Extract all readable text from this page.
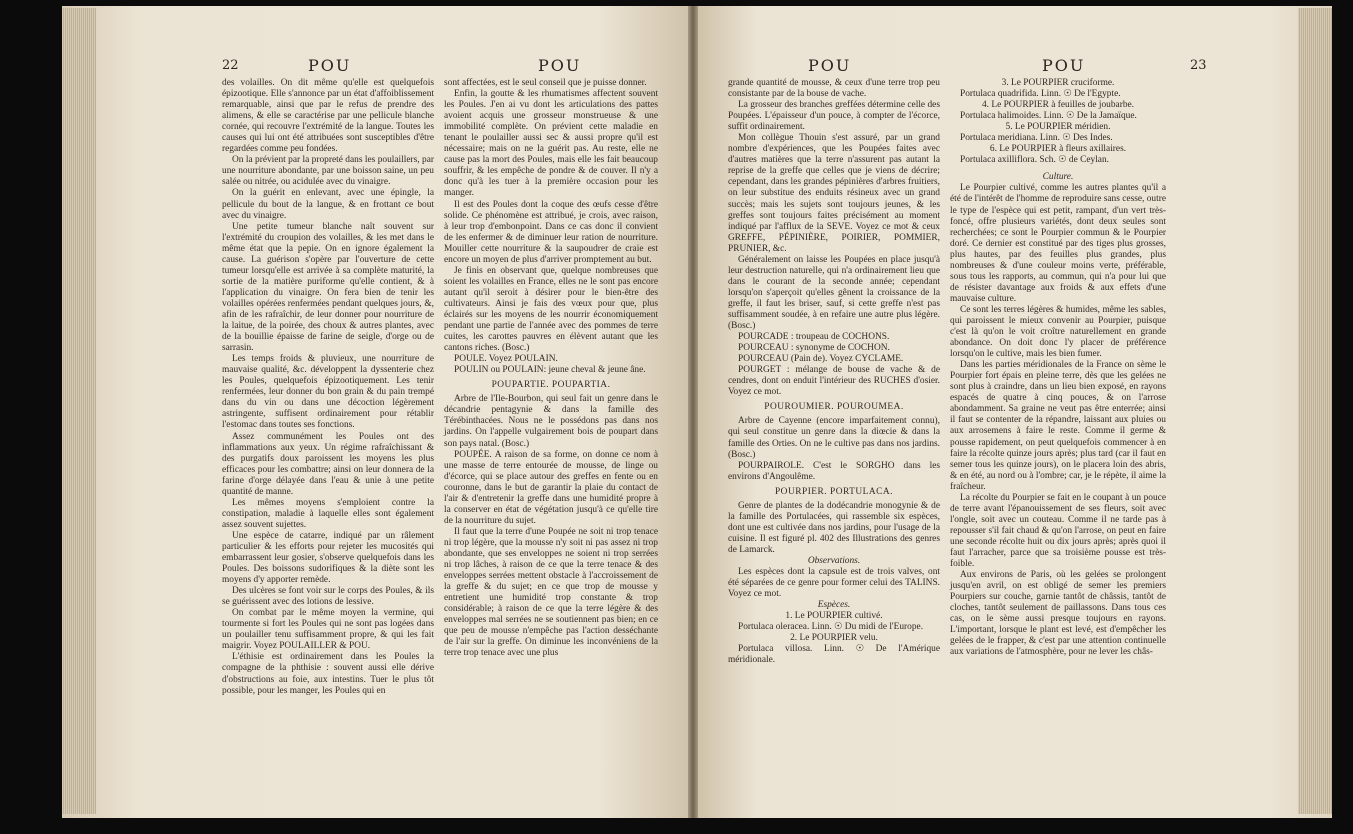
22	POU	POU	POU	POU	23

des volailles. On dit même qu'elle est quelquefois épizootique. Elle s'annonce par un état d'affoiblissement remarquable, ainsi que par le refus de prendre des alimens, & elle se caractérise par une pellicule blanche cornée, qui recouvre l'extrémité de la langue. Toutes les causes qui lui ont été attribuées sont susceptibles d'être regardées comme peu fondées.

On la prévient par la propreté dans les poulaillers, par une nourriture abondante, par une boisson saine, un peu salée ou nitrée, ou acidulée avec du vinaigre.

On la guérit en enlevant, avec une épingle, la pellicule du bout de la langue, & en frottant ce bout avec du vinaigre.

Une petite tumeur blanche naît souvent sur l'extrémité du croupion des volailles, & les met dans le même état que la pepie. On en ignore également la cause. La guérison s'opère par l'ouverture de cette tumeur lorsqu'elle est arrivée à sa complète maturité, la sortie de la matière puriforme qu'elle contient, & à l'application du vinaigre. On fera bien de tenir les volailles opérées renfermées pendant quelques jours, &, afin de les rafraîchir, de leur donner pour nourriture de la laitue, de la poirée, des choux & autres plantes, avec de la bouillie épaisse de farine de seigle, d'orge ou de sarrasin.

Les temps froids & pluvieux, une nourriture de mauvaise qualité, &c. développent la dyssenterie chez les Poules, quelquefois épizootiquement. Les tenir renfermées, leur donner du bon grain & du pain trempé dans du vin ou dans une décoction légèrement astringente, suffisent ordinairement pour rétablir l'estomac dans toutes ses fonctions.

Assez communément les Poules ont des inflammations aux yeux. Un régime rafraîchissant & des purgatifs doux paroissent les moyens les plus efficaces pour les combattre; ainsi on leur donnera de la farine d'orge délayée dans l'eau & unie à une petite quantité de manne.

Les mêmes moyens s'emploient contre la constipation, maladie à laquelle elles sont également assez souvent sujettes.

Une espèce de catarre, indiqué par un râlement particulier & les efforts pour rejeter les mucosités qui embarrassent leur gosier, s'observe quelquefois dans les Poules. Des boissons sudorifiques & la diète sont les moyens d'y apporter remède.

Des ulcères se font voir sur le corps des Poules, & ils se guérissent avec des lotions de lessive.

On combat par le même moyen la vermine, qui tourmente si fort les Poules qui ne sont pas logées dans un poulailler tenu suffisamment propre, & qui les fait maigrir. Voyez POULAILLER & POU.

L'éthisie est ordinairement dans les Poules la compagne de la phthisie : souvent aussi elle dérive d'obstructions au foie, aux intestins. Tuer le plus tôt possible, pour les manger, les Poules qui en

sont affectées, est le seul conseil que je puisse donner.

Enfin, la goutte & les rhumatismes affectent souvent les Poules. J'en ai vu dont les articulations des pattes avoient acquis une grosseur monstrueuse & une immobilité complète. On prévient cette maladie en tenant le poulailler aussi sec & aussi propre qu'il est nécessaire; mais on ne la guérit pas. Au reste, elle ne cause pas la mort des Poules, mais elle les fait beaucoup souffrir, & les empêche de pondre & de couver. Il n'y a donc qu'à les tuer à la première occasion pour les manger.

Il est des Poules dont la coque des œufs cesse d'être solide. Ce phénomène est attribué, je crois, avec raison, à leur trop d'embonpoint. Dans ce cas donc il convient de les enfermer & de diminuer leur ration de nourriture. Mouiller cette nourriture & la saupoudrer de craie est encore un moyen de plus d'arriver promptement au but.

Je finis en observant que, quelque nombreuses que soient les volailles en France, elles ne le sont pas encore autant qu'il seroit à désirer pour le bien-être des cultivateurs. Ainsi je fais des vœux pour que, plus éclairés sur les moyens de les nourrir économiquement pendant une partie de l'année avec des pommes de terre cuites, les carottes pauvres en élèvent autant que les cantons riches. (Bosc.)

POULE. Voyez POULAIN.

POULIN ou POULAIN: jeune cheval & jeune âne.

POUPARTIE. POUPARTIA.

Arbre de l'Ile-Bourbon, qui seul fait un genre dans le décandrie pentagynie & dans la famille des Térébinthacées. Nous ne le possédons pas dans nos jardins. On l'appelle vulgairement bois de poupart dans son pays natal. (Bosc.)

POUPÉE. A raison de sa forme, on donne ce nom à une masse de terre entourée de mousse, de linge ou d'écorce, qui se place autour des greffes en fente ou en couronne, dans le but de garantir la plaie du contact de l'air & d'entretenir la greffe dans une humidité propre à la conserver en état de végétation jusqu'à ce qu'elle tire de la nourriture du sujet.

Il faut que la terre d'une Poupée ne soit ni trop tenace ni trop légère, que la mousse n'y soit ni pas assez ni trop abondante, que ses enveloppes ne soient ni trop serrées ni trop lâches, à raison de ce que la terre tenace & des enveloppes serrées mettent obstacle à l'accroissement de la greffe & du sujet; en ce que trop de mousse y entretient une humidité trop constante & trop considérable; à raison de ce que la terre légère & des enveloppes mal serrées ne se soutiennent pas bien; en ce que peu de mousse n'empêche pas l'action desséchante de l'air sur la greffe. On diminue les inconvéniens de la terre trop tenace avec une plus

grande quantité de mousse, & ceux d'une terre trop peu consistante par de la bouse de vache.

La grosseur des branches greffées détermine celle des Poupées. L'épaisseur d'un pouce, à compter de l'écorce, suffit ordinairement.

Mon collègue Thouin s'est assuré, par un grand nombre d'expériences, que les Poupées faites avec d'autres matières que la terre n'assurent pas autant la reprise de la greffe que celles que je viens de décrire; cependant, dans les grandes pépinières d'arbres fruitiers, on leur substitue des enduits résineux avec un grand succès; mais les sujets sont toujours jeunes, & les greffes sont toujours faites précisément au moment indiqué par l'afflux de la SEVE. Voyez ce mot & ceux GREFFE, PÉPINIÈRE, POIRIER, POMMIER, PRUNIER, &c.

Généralement on laisse les Poupées en place jusqu'à leur destruction naturelle, qui n'a ordinairement lieu que dans le courant de la seconde année; cependant lorsqu'on s'aperçoit qu'elles gênent la croissance de la greffe, il faut les briser, sauf, si cette greffe n'est pas suffisamment soudée, à en refaire une autre plus légère. (Bosc.)

POURCADE : troupeau de COCHONS.

POURCEAU : synonyme de COCHON.

POURCEAU (Pain de). Voyez CYCLAME.

POURGET : mélange de bouse de vache & de cendres, dont on enduit l'intérieur des RUCHES d'osier. Voyez ce mot.

POUROUMIER. POUROUMEA.

Arbre de Cayenne (encore imparfaitement connu), qui seul constitue un genre dans la diœcie & dans la famille des Orties. On ne le cultive pas dans nos jardins. (Bosc.)

POURPAIROLE. C'est le SORGHO dans les environs d'Angoulême.

POURPIER. PORTULACA.

Genre de plantes de la dodécandrie monogynie & de la famille des Portulacées, qui rassemble six espèces, dont une est cultivée dans nos jardins, pour l'usage de la cuisine. Il est figuré pl. 402 des Illustrations des genres de Lamarck.

Observations.

Les espèces dont la capsule est de trois valves, ont été séparées de ce genre pour former celui des TALINS. Voyez ce mot.

Espèces.

1. Le POURPIER cultivé.

Portulaca oleracea. Linn. ☉ Du midi de l'Europe.

2. Le POURPIER velu.

Portulaca villosa. Linn. ☉ De l'Amérique méridionale.

3. Le POURPIER cruciforme.

Portulaca quadrifida. Linn. ☉ De l'Egypte.

4. Le POURPIER à feuilles de joubarbe.

Portulaca halimoides. Linn. ☉ De la Jamaïque.

5. Le POURPIER méridien.

Portulaca meridiana. Linn. ☉ Des Indes.

6. Le POURPIER à fleurs axillaires.

Portulaca axilliflora. Sch. ☉ de Ceylan.

Culture.

Le Pourpier cultivé, comme les autres plantes qu'il a été de l'intérêt de l'homme de reproduire sans cesse, outre le type de l'espèce qui est petit, rampant, d'un vert très-foncé, offre plusieurs variétés, dont deux seules sont recherchées; ce sont le Pourpier commun & le Pourpier doré. Ce dernier est constitué par des tiges plus grosses, plus hautes, par des feuilles plus grandes, plus nombreuses & d'une couleur moins verte, préférable, sous tous les rapports, au commun, qui n'a pour lui que de résister davantage aux froids & aux effets d'une mauvaise culture.

Ce sont les terres légères & humides, même les sables, qui paroissent le mieux convenir au Pourpier, puisque c'est là qu'on le voit croître naturellement en grande abondance. On doit donc l'y placer de préférence lorsqu'on le cultive, mais les bien fumer.

Dans les parties méridionales de la France on sème le Pourpier fort épais en pleine terre, dès que les gelées ne sont plus à craindre, dans un lieu bien exposé, en rayons espacés de quatre à cinq pouces, & on l'arrose abondamment. Sa graine ne veut pas être enterrée; ainsi il faut se contenter de la répandre, laissant aux pluies ou aux arrosemens à faire le reste. Comme il germe & pousse rapidement, on peut quelquefois commencer à en faire la récolte quinze jours après; plus tard (car il faut en semer tous les quinze jours), on le placera loin des abris, & en été, au nord ou à l'ombre; car, je le répète, il aime la fraîcheur.

La récolte du Pourpier se fait en le coupant à un pouce de terre avant l'épanouissement de ses fleurs, soit avec l'ongle, soit avec un couteau. Comme il ne tarde pas à repousser s'il fait chaud & qu'on l'arrose, on peut en faire une seconde récolte huit ou dix jours après; après quoi il faut l'arracher, parce que sa troisième pousse est très-foible.

Aux environs de Paris, où les gelées se prolongent jusqu'en avril, on est obligé de semer les premiers Pourpiers sur couche, garnie tantôt de châssis, tantôt de cloches, tantôt seulement de paillassons. Dans tous ces cas, on le sème aussi presque toujours en rayons. L'important, lorsque le plant est levé, est d'empêcher les gelées de le frapper, & c'est par une attention continuelle aux variations de l'atmosphère, pour ne lever les châs-
